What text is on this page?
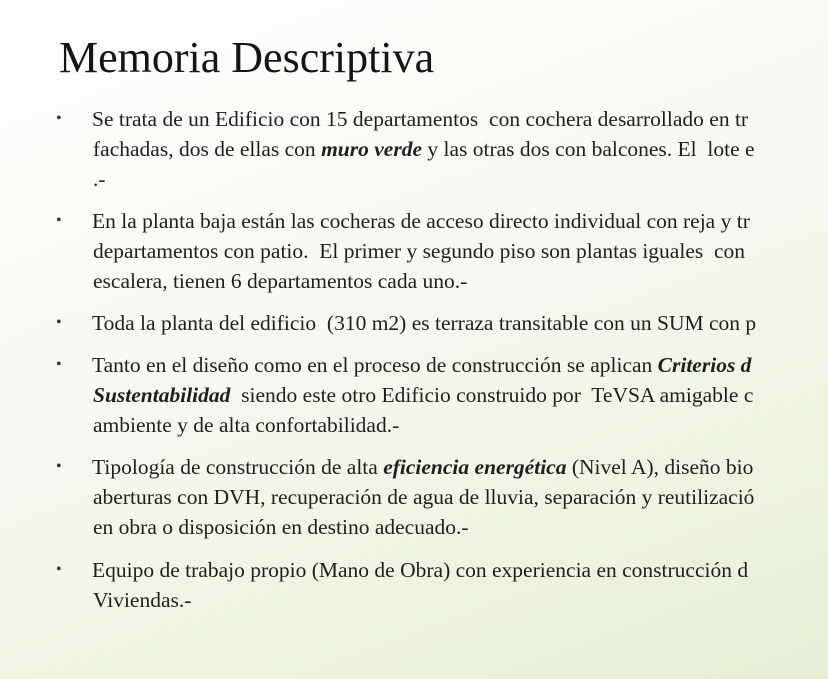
Memoria Descriptiva
• Se trata de un Edificio con 15 departamentos  con cochera desarrollado en tr

fachadas, dos de ellas con muro verde y las otras dos con balcones. El  lote e

.-

• En la planta baja están las cocheras de acceso directo individual con reja y tr

departamentos con patio.  El primer y segundo piso son plantas iguales  con

escalera, tienen 6 departamentos cada uno.-

• Toda la planta del edificio  (310 m2) es terraza transitable con un SUM con p

• Tanto en el diseño como en el proceso de construcción se aplican Criterios d

Sustentabilidad  siendo este otro Edificio construido por  TeVSA amigable c

ambiente y de alta confortabilidad.-

• Tipología de construcción de alta eficiencia energética (Nivel A), diseño bio

aberturas con DVH, recuperación de agua de lluvia, separación y reutilizació

en obra o disposición en destino adecuado.-

• Equipo de trabajo propio (Mano de Obra) con experiencia en construcción d

Viviendas.-
